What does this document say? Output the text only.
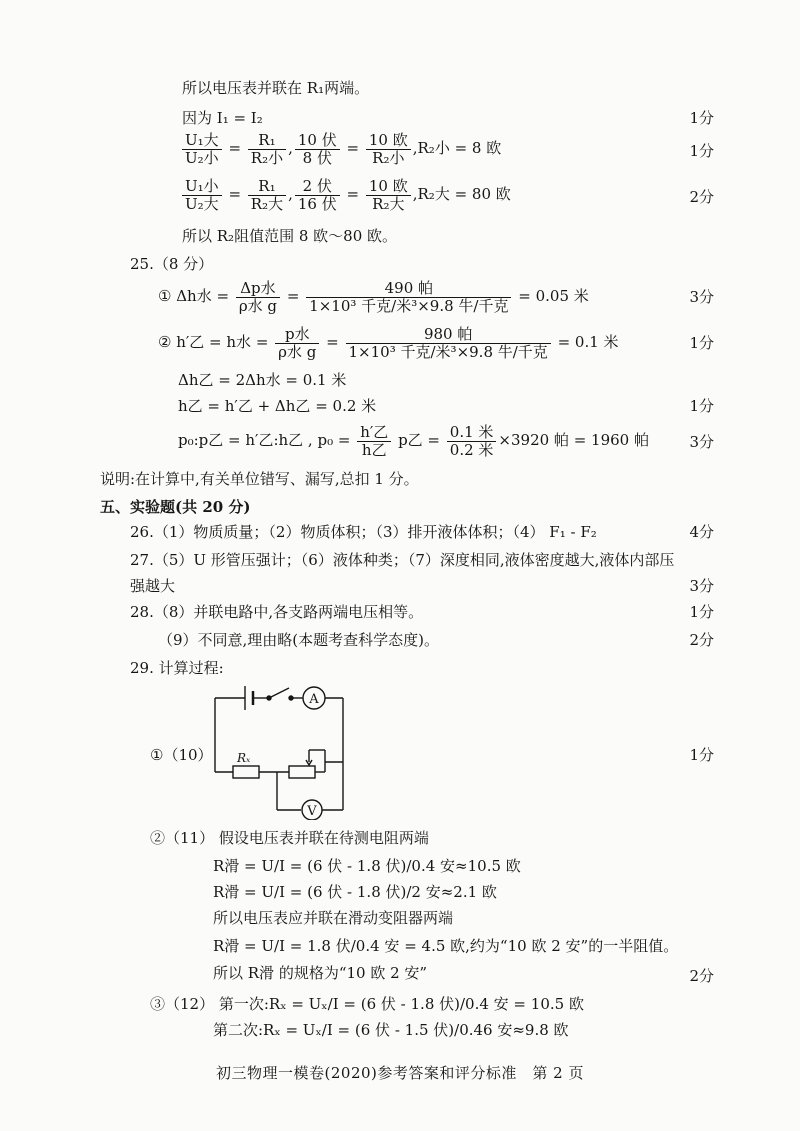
所以电压表并联在 R₁两端。
因为 I₁ = I₂	1分
$\frac{\text{U₁大}}{\text{U₂小}} = \frac{\text{R₁}}{\text{R₂小}}$ , $\frac{\text{10 伏}}{\text{8 伏}} = \frac{\text{10 欧}}{\text{R₂小}} ,R_2$小 = 8 欧	1分
$\frac{\text{U₁小}}{\text{U₂大}} = \frac{\text{R₁}}{\text{R₂大}}$ , $\frac{\text{2 伏}}{\text{16 伏}} = \frac{\text{10 欧}}{\text{R₂大}} ,R_2$大 = 80 欧	2分
所以 R₂阻值范围 8 欧～80 欧。
25.（8 分）
① Δh水 = $\frac{\text{Δp水}}{\text{ρ水 g}} = \frac{\text{490 帕}}{\text{1×10³ 千克/米³×9.8 牛/千克}} = 0.05$ 米	3分
② h′乙 = h水 = $\frac{\text{p水}}{\text{ρ水 g}} = \frac{\text{980 帕}}{\text{1×10³ 千克/米³×9.8 牛/千克}} = 0.1$ 米	1分
Δh乙 = 2Δh水 = 0.1 米
h乙 = h′乙 + Δh乙 = 0.2 米	1分
p₀:p乙 = h′乙:h乙 , $p_0 = \frac{\text{h′乙}}{\text{h乙}}$ p乙 = $\frac{\text{0.1 米}}{\text{0.2 米}} \times 3920$ 帕 = 1960 帕	3分
说明:在计算中,有关单位错写、漏写,总扣 1 分。
五、实验题(共 20 分)
26.（1）物质质量；（2）物质体积；（3）排开液体体积；（4） F₁ - F₂	4分
27.（5）U 形管压强计；（6）液体种类；（7）深度相同,液体密度越大,液体内部压
强越大	3分
28.（8）并联电路中,各支路两端电压相等。	1分
（9）不同意,理由略(本题考查科学态度)。	2分
29. 计算过程:
①（10）	1分
A
V
Rₓ
②（11） 假设电压表并联在待测电阻两端
R滑 = U/I = (6 伏 - 1.8 伏)/0.4 安≈10.5 欧
R滑 = U/I = (6 伏 - 1.8 伏)/2 安≈2.1 欧
所以电压表应并联在滑动变阻器两端
R滑 = U/I = 1.8 伏/0.4 安 = 4.5 欧,约为“10 欧 2 安”的一半阻值。
所以 R滑 的规格为“10 欧 2 安”	2分
③（12） 第一次:Rₓ = Uₓ/I = (6 伏 - 1.8 伏)/0.4 安 = 10.5 欧
第二次:Rₓ = Uₓ/I = (6 伏 - 1.5 伏)/0.46 安≈9.8 欧
初三物理一模卷(2020)参考答案和评分标准　第 2 页
